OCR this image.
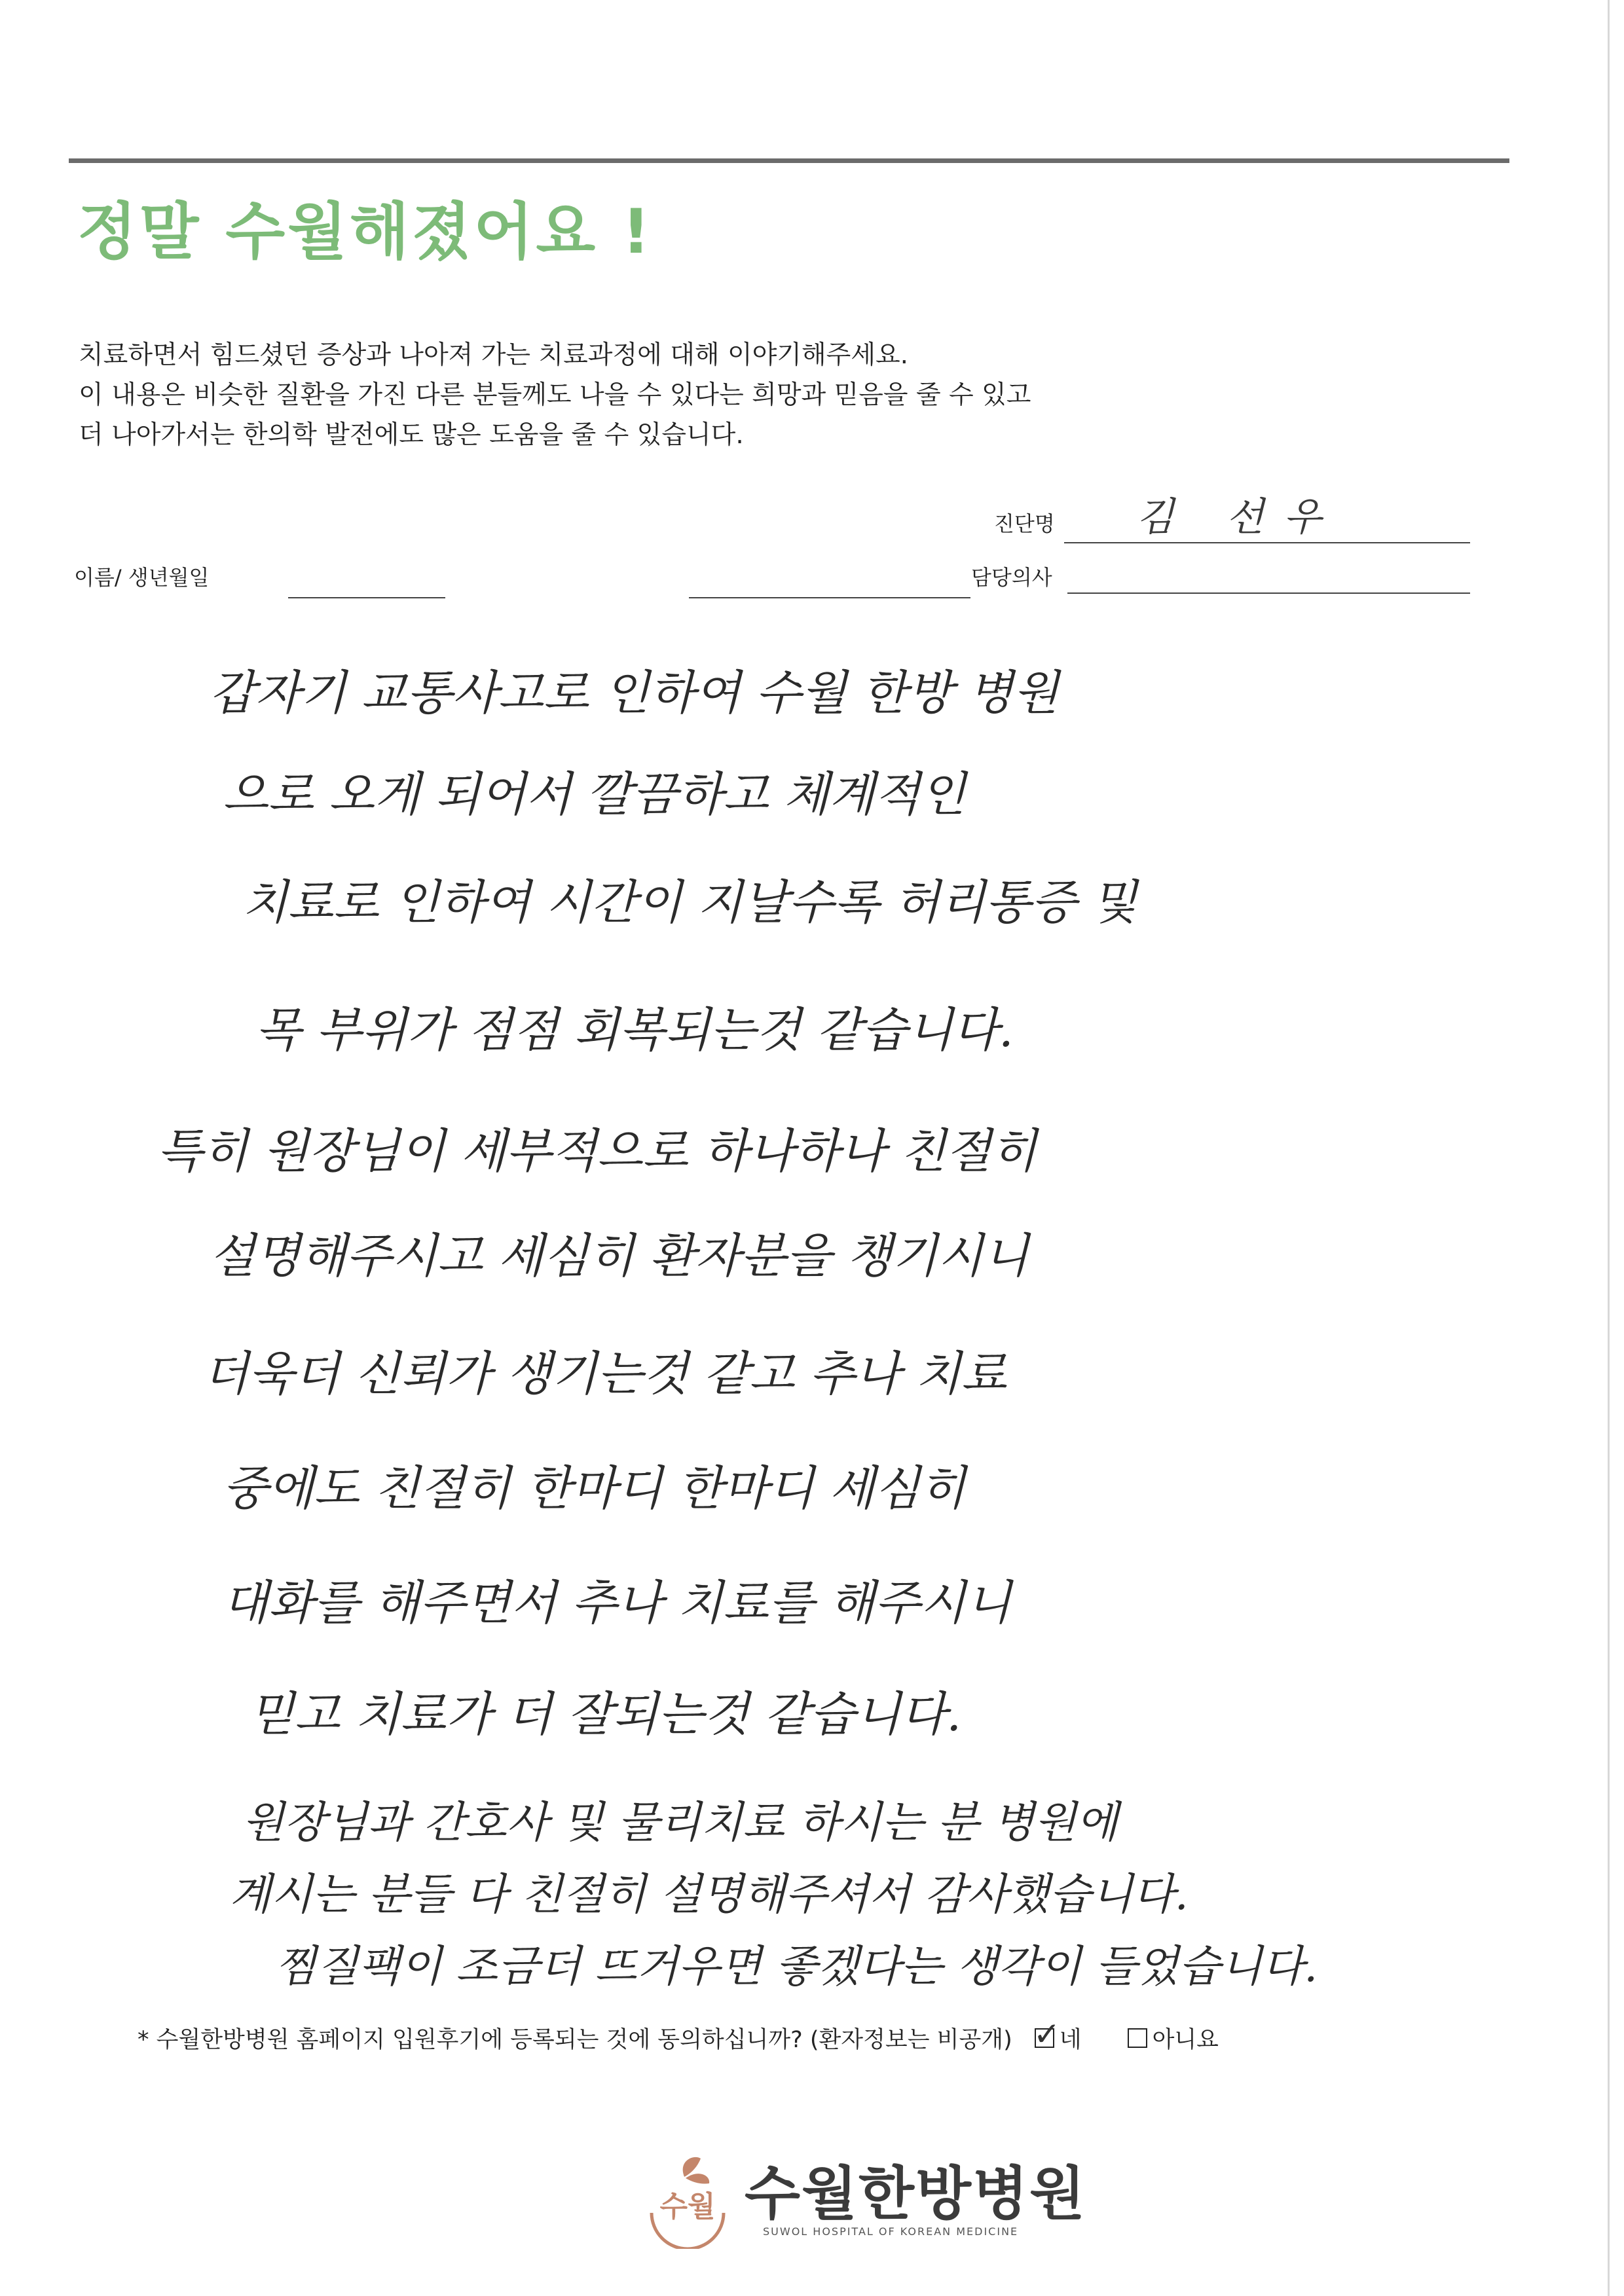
정말 수월해졌어요 !
치료하면서 힘드셨던 증상과 나아져 가는 치료과정에 대해 이야기해주세요.
이 내용은 비슷한 질환을 가진 다른 분들께도 나을 수 있다는 희망과 믿음을 줄 수 있고
더 나아가서는 한의학 발전에도 많은 도움을 줄 수 있습니다.
진단명 김 선우
이름/ 생년월일	담당의사
갑자기 교통사고로 인하여 수월 한방 병원
으로 오게 되어서 깔끔하고 체계적인
치료로 인하여 시간이 지날수록 허리통증 및
목 부위가 점점 회복되는것 같습니다.
특히 원장님이 세부적으로 하나하나 친절히
설명해주시고 세심히 환자분을 챙기시니
더욱더 신뢰가 생기는것 같고 추나 치료
중에도 친절히 한마디 한마디 세심히
대화를 해주면서 추나 치료를 해주시니
믿고 치료가 더 잘되는것 같습니다.
원장님과 간호사 및 물리치료 하시는 분 병원에
계시는 분들 다 친절히 설명해주셔서 감사했습니다.
찜질팩이 조금더 뜨거우면 좋겠다는 생각이 들었습니다.
* 수월한방병원 홈페이지 입원후기에 등록되는 것에 동의하십니까? (환자정보는 비공개) ✓
네	아니요
수월 수월한방병원
SUWOL HOSPITAL OF KOREAN MEDICINE
